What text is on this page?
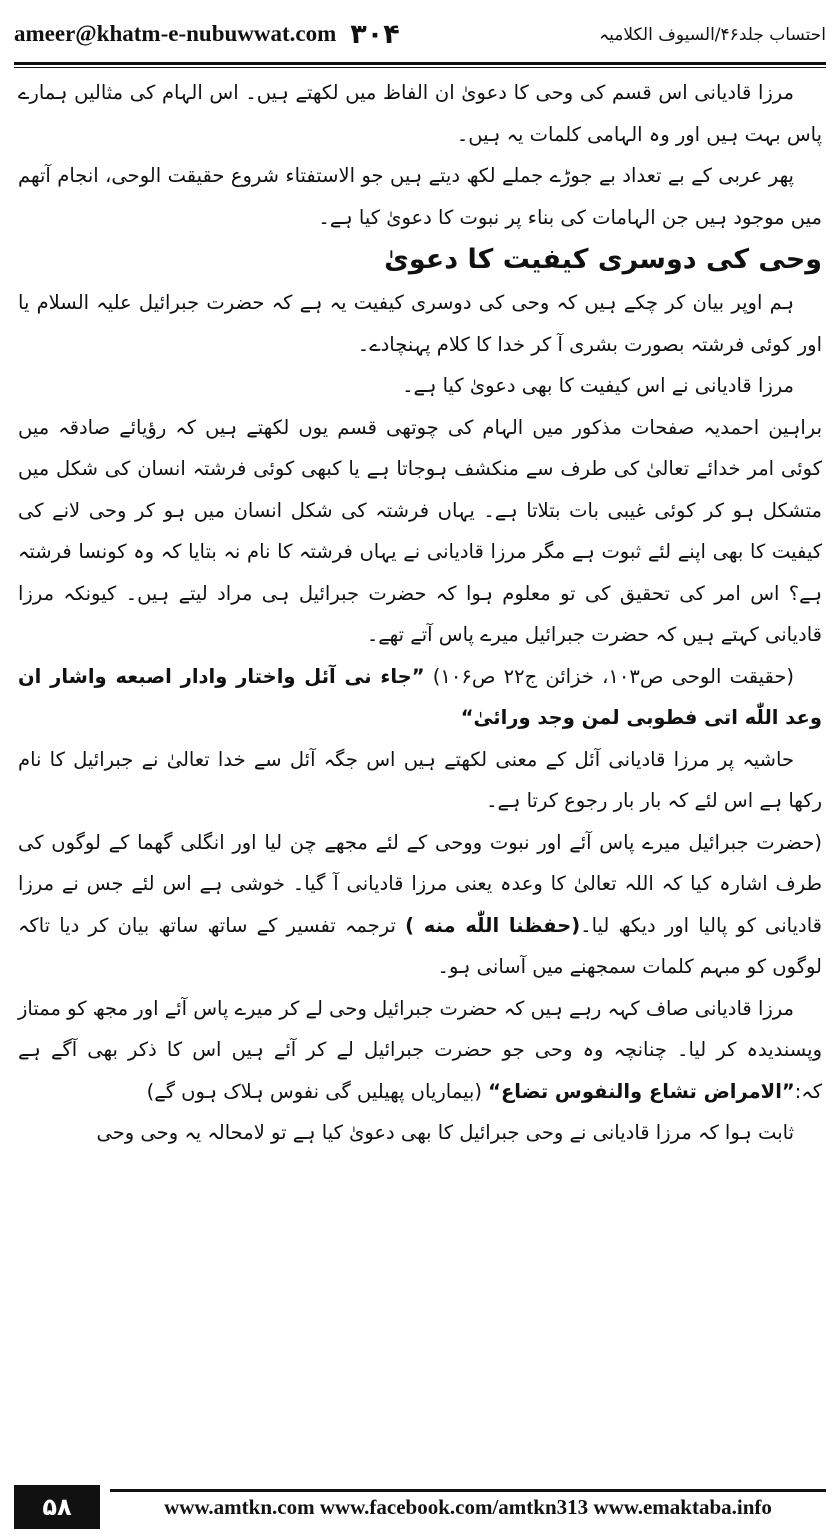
ameer@khatm-e-nubuwwat.com ۳۰۴	احتساب جلد۴۶/السیوف الکلامیہ

مرزا قادیانی اس قسم کی وحی کا دعویٰ ان الفاظ میں لکھتے ہیں۔ اس الہام کی مثالیں ہمارے پاس بہت ہیں اور وہ الہامی کلمات یہ ہیں۔

پھر عربی کے بے تعداد بے جوڑے جملے لکھ دیتے ہیں جو الاستفتاء شروع حقیقت الوحی، انجام آتھم میں موجود ہیں جن الہامات کی بناء پر نبوت کا دعویٰ کیا ہے۔

وحی کی دوسری کیفیت کا دعویٰ

ہم اوپر بیان کر چکے ہیں کہ وحی کی دوسری کیفیت یہ ہے کہ حضرت جبرائیل علیہ السلام یا اور کوئی فرشتہ بصورت بشری آ کر خدا کا کلام پہنچادے۔

مرزا قادیانی نے اس کیفیت کا بھی دعویٰ کیا ہے۔

براہین احمدیہ صفحات مذکور میں الہام کی چوتھی قسم یوں لکھتے ہیں کہ رؤیائے صادقہ میں کوئی امر خدائے تعالیٰ کی طرف سے منکشف ہوجاتا ہے یا کبھی کوئی فرشتہ انسان کی شکل میں متشکل ہو کر کوئی غیبی بات بتلاتا ہے۔ یہاں فرشتہ کی شکل انسان میں ہو کر وحی لانے کی کیفیت کا بھی اپنے لئے ثبوت ہے مگر مرزا قادیانی نے یہاں فرشتہ کا نام نہ بتایا کہ وہ کونسا فرشتہ ہے؟ اس امر کی تحقیق کی تو معلوم ہوا کہ حضرت جبرائیل ہی مراد لیتے ہیں۔ کیونکہ مرزا قادیانی کہتے ہیں کہ حضرت جبرائیل میرے پاس آتے تھے۔

(حقیقت الوحی ص۱۰۳، خزائن ج۲۲ ص۱۰۶) ”جاء نی آئل واختار وادار اصبعه واشار ان وعد اللّٰه اتی فطوبی لمن وجد ورائیٰ“

حاشیہ پر مرزا قادیانی آئل کے معنی لکھتے ہیں اس جگہ آئل سے خدا تعالیٰ نے جبرائیل کا نام رکھا ہے اس لئے کہ بار بار رجوع کرتا ہے۔

(حضرت جبرائیل میرے پاس آئے اور نبوت ووحی کے لئے مجھے چن لیا اور انگلی گھما کے لوگوں کی طرف اشارہ کیا کہ اللہ تعالیٰ کا وعدہ یعنی مرزا قادیانی آ گیا۔ خوشی ہے اس لئے جس نے مرزا قادیانی کو پالیا اور دیکھ لیا۔(حفظنا اللّٰه منه ) ترجمہ تفسیر کے ساتھ ساتھ بیان کر دیا تاکہ لوگوں کو مبہم کلمات سمجھنے میں آسانی ہو۔

مرزا قادیانی صاف کہہ رہے ہیں کہ حضرت جبرائیل وحی لے کر میرے پاس آئے اور مجھ کو ممتاز وپسندیدہ کر لیا۔ چنانچہ وہ وحی جو حضرت جبرائیل لے کر آئے ہیں اس کا ذکر بھی آگے ہے کہ:”الامراض تشاع والنفوس تضاع“ (بیماریاں پھیلیں گی نفوس ہلاک ہوں گے)

ثابت ہوا کہ مرزا قادیانی نے وحی جبرائیل کا بھی دعویٰ کیا ہے تو لامحالہ یہ وحی وحی

۵۸	www.amtkn.com www.facebook.com/amtkn313 www.emaktaba.info
